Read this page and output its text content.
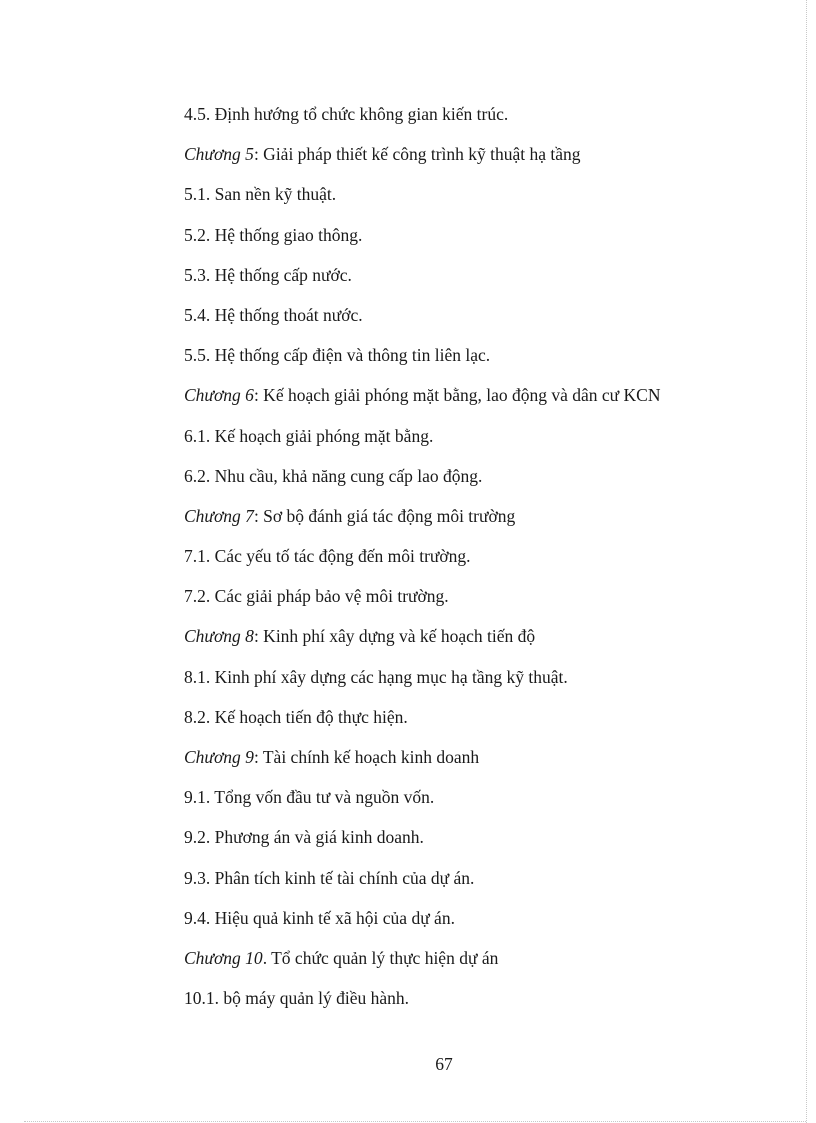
4.5. Định hướng tổ chức không gian kiến trúc.
Chương 5: Giải pháp thiết kế công trình kỹ thuật hạ tầng
5.1. San nền kỹ thuật.
5.2. Hệ thống giao thông.
5.3. Hệ thống cấp nước.
5.4. Hệ thống thoát nước.
5.5. Hệ thống cấp điện và thông tin liên lạc.
Chương 6: Kế hoạch giải phóng mặt bằng, lao động và dân cư KCN
6.1. Kế hoạch giải phóng mặt bằng.
6.2. Nhu cầu, khả năng cung cấp lao động.
Chương 7: Sơ bộ đánh giá tác động môi trường
7.1. Các yếu tố tác động đến môi trường.
7.2. Các giải pháp bảo vệ môi trường.
Chương 8: Kinh phí xây dựng và kế hoạch tiến độ
8.1. Kinh phí xây dựng các hạng mục hạ tầng kỹ thuật.
8.2. Kế hoạch tiến độ thực hiện.
Chương 9: Tài chính kế hoạch kinh doanh
9.1. Tổng vốn đầu tư và nguồn vốn.
9.2. Phương án và giá kinh doanh.
9.3. Phân tích kinh tế tài chính của dự án.
9.4. Hiệu quả kinh tế xã hội của dự án.
Chương 10. Tổ chức quản lý thực hiện dự án
10.1. bộ máy quản lý điều hành.
67
